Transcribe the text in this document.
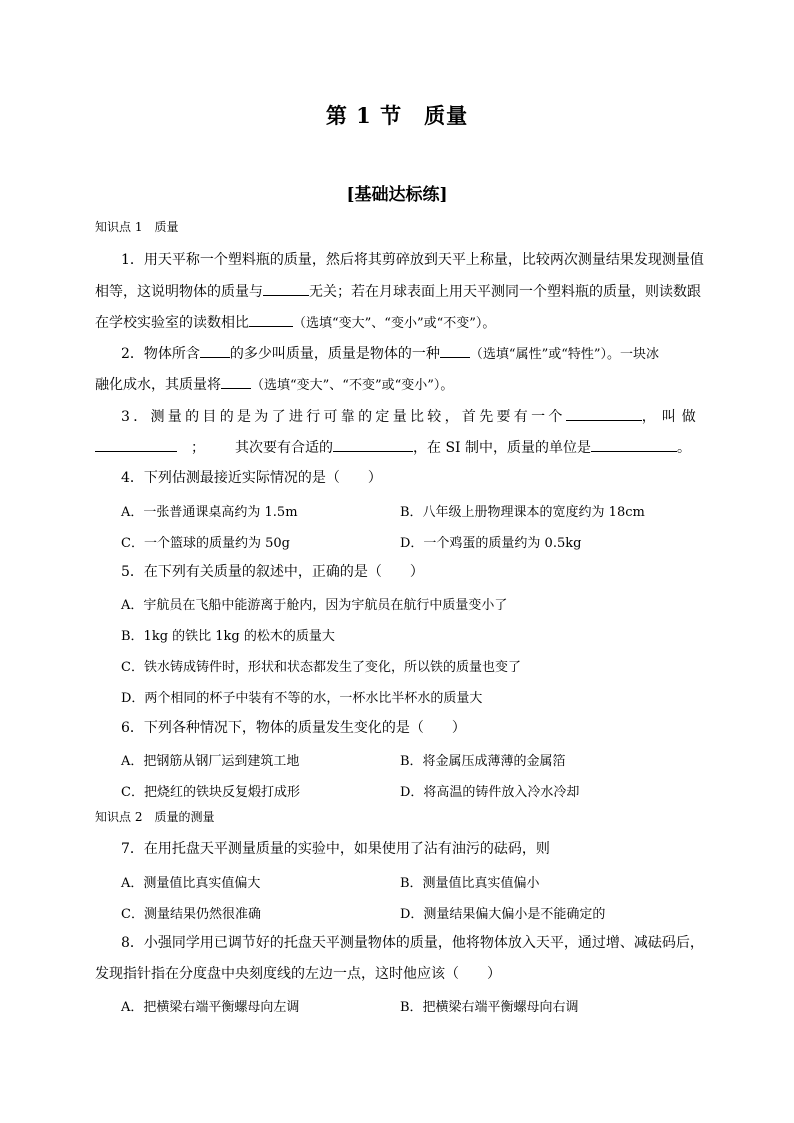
第 1 节　质量
[基础达标练]
知识点 1　质量
1．用天平称一个塑料瓶的质量，然后将其剪碎放到天平上称量，比较两次测量结果发现测量值
相等，这说明物体的质量与	无关；若在月球表面上用天平测同一个塑料瓶的质量，则读数跟
在学校实验室的读数相比	（选填“变大”、“变小”或“不变”）。
2．物体所含 的多少叫质量，质量是物体的一种 （选填“属性”或“特性”）。一块冰
融化成水，其质量将 （选填“变大”、“不变”或“变小”）。
3．测量的目的是为了进行可靠的定量比较，首先要有一个	，叫做
； 其次要有合适的	，在 SI 制中，质量的单位是	。
4．下列估测最接近实际情况的是（　　）
A．一张普通课桌高约为 1.5m	B．八年级上册物理课本的宽度约为 18cm
C．一个篮球的质量约为 50g	D．一个鸡蛋的质量约为 0.5kg
5．在下列有关质量的叙述中，正确的是（　　）
A．宇航员在飞船中能游离于舱内，因为宇航员在航行中质量变小了
B．1kg 的铁比 1kg 的松木的质量大
C．铁水铸成铸件时，形状和状态都发生了变化，所以铁的质量也变了
D．两个相同的杯子中装有不等的水，一杯水比半杯水的质量大
6．下列各种情况下，物体的质量发生变化的是（　　）
A．把钢筋从钢厂运到建筑工地	B．将金属压成薄薄的金属箔
C．把烧红的铁块反复煅打成形	D．将高温的铸件放入冷水冷却
知识点 2　质量的测量
7．在用托盘天平测量质量的实验中，如果使用了沾有油污的砝码，则
A．测量值比真实值偏大	B．测量值比真实值偏小
C．测量结果仍然很准确	D．测量结果偏大偏小是不能确定的
8．小强同学用已调节好的托盘天平测量物体的质量，他将物体放入天平，通过增、减砝码后，
发现指针指在分度盘中央刻度线的左边一点，这时他应该（　　）
A．把横梁右端平衡螺母向左调	B．把横梁右端平衡螺母向右调
